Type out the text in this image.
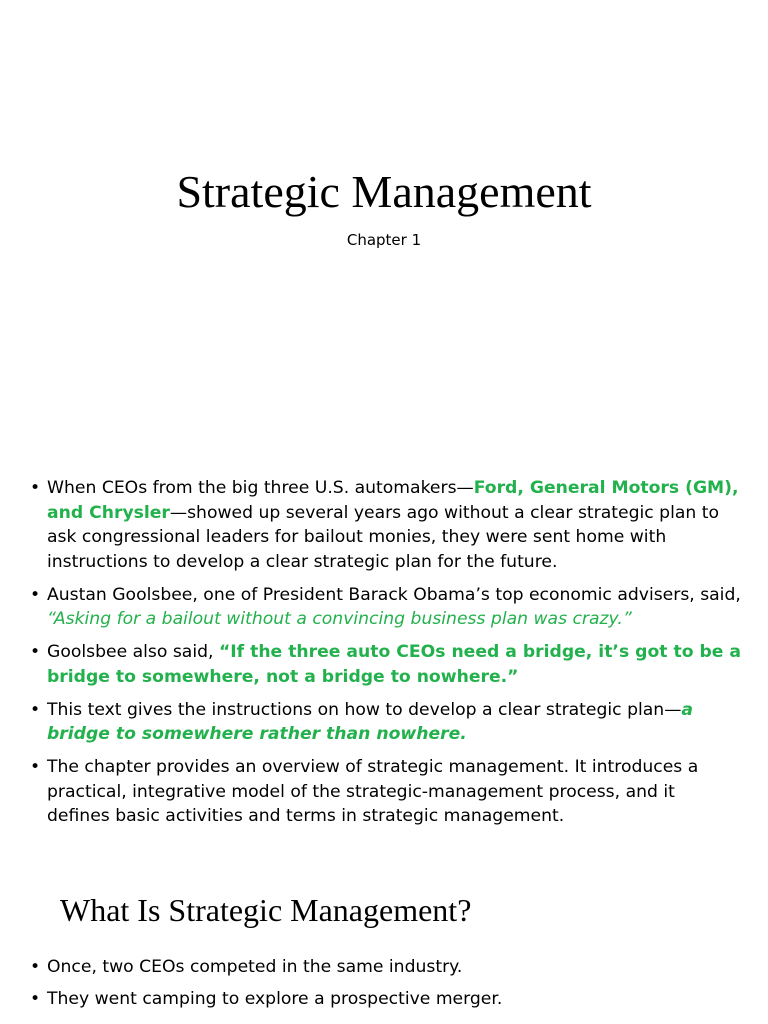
Strategic Management
Chapter 1
• When CEOs from the big three U.S. automakers—Ford, General Motors (GM), and Chrysler—showed up several years ago without a clear strategic plan to ask congressional leaders for bailout monies, they were sent home with instructions to develop a clear strategic plan for the future.
• Austan Goolsbee, one of President Barack Obama’s top economic advisers, said, “Asking for a bailout without a convincing business plan was crazy.”
• Goolsbee also said, “If the three auto CEOs need a bridge, it’s got to be a bridge to somewhere, not a bridge to nowhere.”
• This text gives the instructions on how to develop a clear strategic plan—a bridge to somewhere rather than nowhere.
• The chapter provides an overview of strategic management. It introduces a practical, integrative model of the strategic-management process, and it defines basic activities and terms in strategic management.
What Is Strategic Management?
• Once, two CEOs competed in the same industry.
• They went camping to explore a prospective merger.
